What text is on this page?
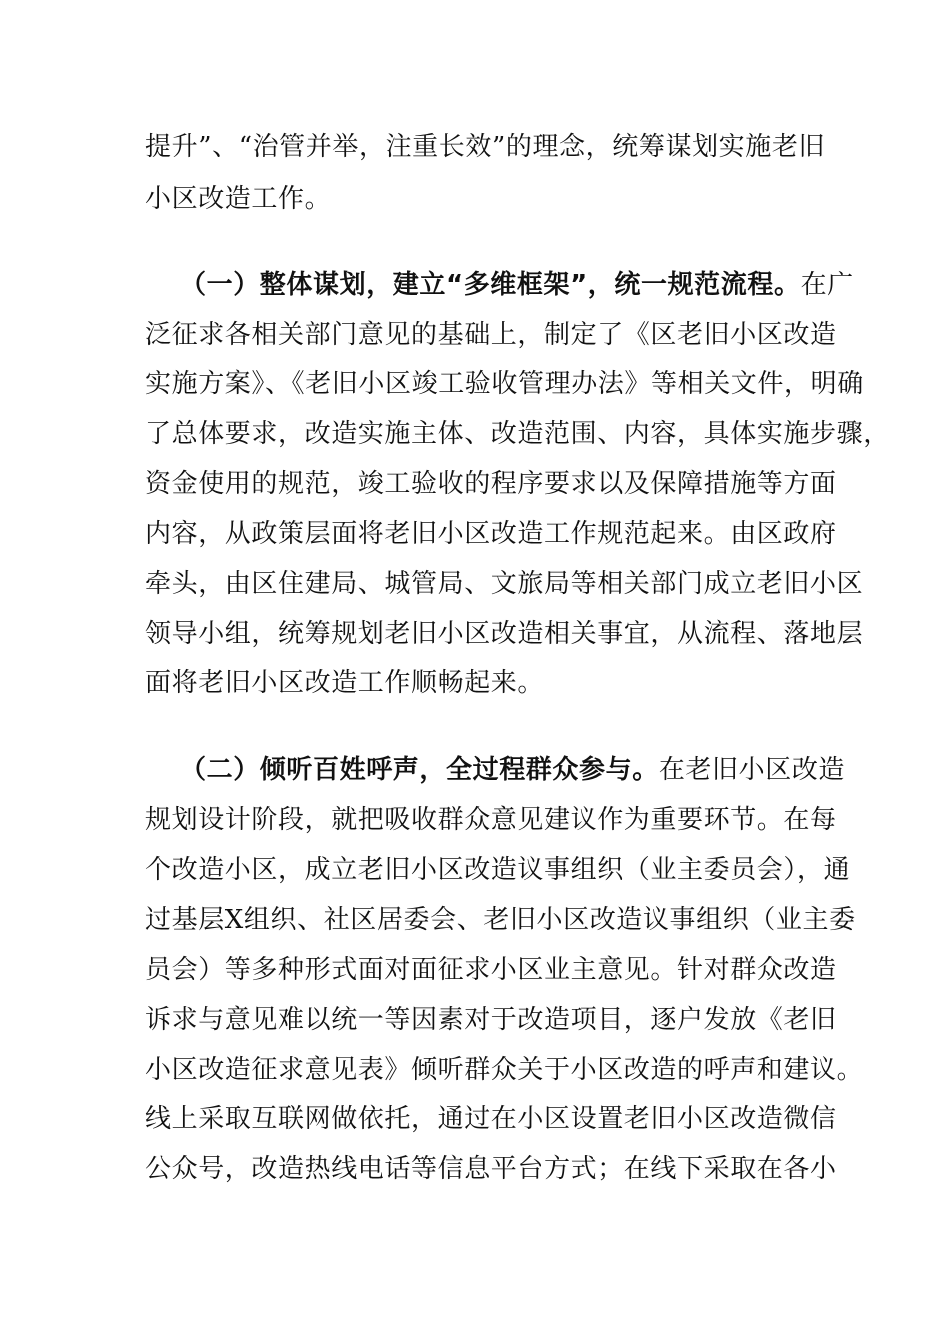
提升”、“治管并举，注重长效”的理念，统筹谋划实施老旧
小区改造工作。
（一）整体谋划，建立“多维框架”，统一规范流程。在广
泛征求各相关部门意见的基础上，制定了《区老旧小区改造
实施方案》、《老旧小区竣工验收管理办法》等相关文件，明确
了总体要求，改造实施主体、改造范围、内容，具体实施步骤，
资金使用的规范，竣工验收的程序要求以及保障措施等方面
内容，从政策层面将老旧小区改造工作规范起来。由区政府
牵头，由区住建局、城管局、文旅局等相关部门成立老旧小区
领导小组，统筹规划老旧小区改造相关事宜，从流程、落地层
面将老旧小区改造工作顺畅起来。
（二）倾听百姓呼声，全过程群众参与。在老旧小区改造
规划设计阶段，就把吸收群众意见建议作为重要环节。在每
个改造小区，成立老旧小区改造议事组织（业主委员会），通
过基层X组织、社区居委会、老旧小区改造议事组织（业主委
员会）等多种形式面对面征求小区业主意见。针对群众改造
诉求与意见难以统一等因素对于改造项目，逐户发放《老旧
小区改造征求意见表》倾听群众关于小区改造的呼声和建议。
线上采取互联网做依托，通过在小区设置老旧小区改造微信
公众号，改造热线电话等信息平台方式；在线下采取在各小
